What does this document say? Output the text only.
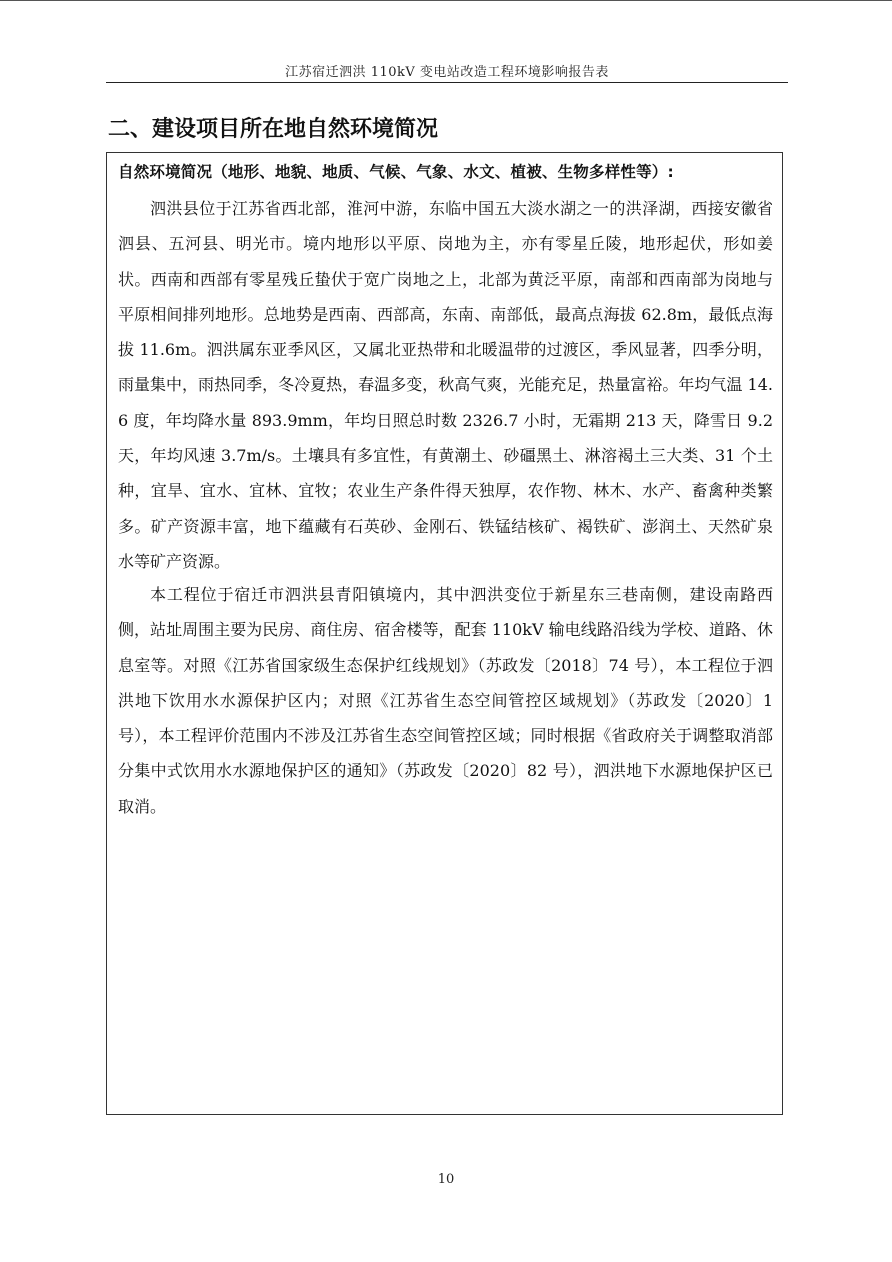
江苏宿迁泗洪 110kV 变电站改造工程环境影响报告表
二、建设项目所在地自然环境简况
自然环境简况（地形、地貌、地质、气候、气象、水文、植被、生物多样性等）:

泗洪县位于江苏省西北部，淮河中游，东临中国五大淡水湖之一的洪泽湖，西接安徽省泗县、五河县、明光市。境内地形以平原、岗地为主，亦有零星丘陵，地形起伏，形如姜状。西南和西部有零星残丘蛰伏于宽广岗地之上，北部为黄泛平原，南部和西南部为岗地与平原相间排列地形。总地势是西南、西部高，东南、南部低，最高点海拔 62.8m，最低点海拔 11.6m。泗洪属东亚季风区，又属北亚热带和北暖温带的过渡区，季风显著，四季分明，雨量集中，雨热同季，冬冷夏热，春温多变，秋高气爽，光能充足，热量富裕。年均气温 14.6 度，年均降水量 893.9mm，年均日照总时数 2326.7 小时，无霜期 213 天，降雪日 9.2 天，年均风速 3.7m/s。土壤具有多宜性，有黄潮土、砂礓黑土、淋溶褐土三大类、31 个土种，宜旱、宜水、宜林、宜牧；农业生产条件得天独厚，农作物、林木、水产、畜禽种类繁多。矿产资源丰富，地下蕴藏有石英砂、金刚石、铁锰结核矿、褐铁矿、澎润土、天然矿泉水等矿产资源。

本工程位于宿迁市泗洪县青阳镇境内，其中泗洪变位于新星东三巷南侧，建设南路西侧，站址周围主要为民房、商住房、宿舍楼等，配套 110kV 输电线路沿线为学校、道路、休息室等。对照《江苏省国家级生态保护红线规划》（苏政发〔2018〕74 号），本工程位于泗洪地下饮用水水源保护区内；对照《江苏省生态空间管控区域规划》（苏政发〔2020〕1 号），本工程评价范围内不涉及江苏省生态空间管控区域；同时根据《省政府关于调整取消部分集中式饮用水水源地保护区的通知》（苏政发〔2020〕82 号），泗洪地下水源地保护区已取消。

10
